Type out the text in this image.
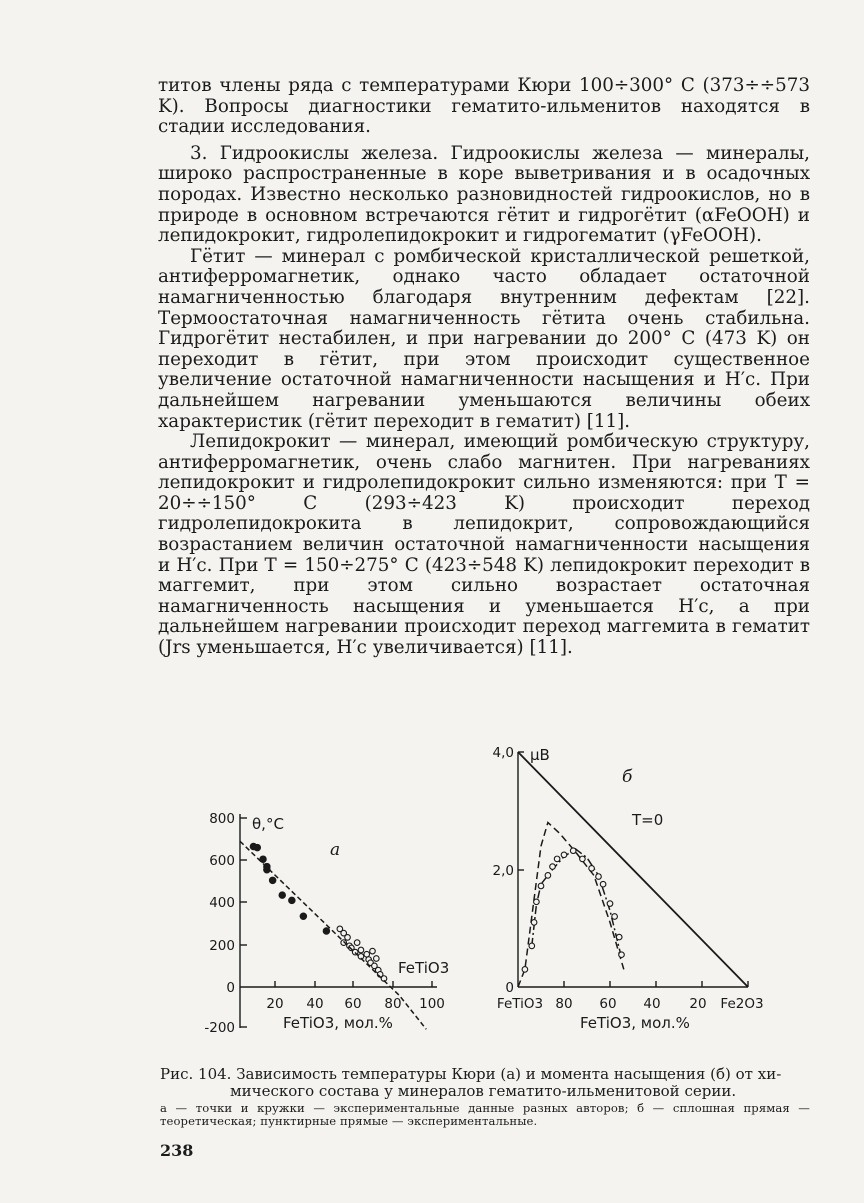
титов члены ряда с температурами Кюри 100÷300° C (373÷÷573 K). Вопросы диагностики гематито-ильменитов находятся в стадии исследования.

3. Гидроокислы железа. Гидроокислы железа — минералы, широко распространенные в коре выветривания и в осадочных породах. Известно несколько разновидностей гидроокислов, но в природе в основном встречаются гётит и гидрогётит (αFeOOH) и лепидокрокит, гидролепидокрокит и гидрогематит (γFeOOH).

Гётит — минерал с ромбической кристаллической решеткой, антиферромагнетик, однако часто обладает остаточной намагниченностью благодаря внутренним дефектам [22]. Термоостаточная намагниченность гётита очень стабильна. Гидрогётит нестабилен, и при нагревании до 200° C (473 K) он переходит в гётит, при этом происходит существенное увеличение остаточной намагниченности насыщения и H′c. При дальнейшем нагревании уменьшаются величины обеих характеристик (гётит переходит в гематит) [11].

Лепидокрокит — минерал, имеющий ромбическую структуру, антиферромагнетик, очень слабо магнитен. При нагреваниях лепидокрокит и гидролепидокрокит сильно изменяются: при T = 20÷÷150° C (293÷423 K) происходит переход гидролепидокрокита в лепидокрит, сопровождающийся возрастанием величин остаточной намагниченности насыщения и H′c. При T = 150÷275° C (423÷548 K) лепидокрокит переходит в маггемит, при этом сильно возрастает остаточная намагниченность насыщения и уменьшается H′c, а при дальнейшем нагревании происходит переход маггемита в гематит (Jrs уменьшается, H′c увеличивается) [11].

800
600
400
200
0
-200
20 40 60 80 100
θ,°C
FeTiO3, мол.%
FeTiO3
а
4,0
2,0
0
FeTiO3 80 60 40 20 Fe2O3
μB
FeTiO3, мол.%
T=0
б
Рис. 104. Зависимость температуры Кюри (а) и момента насыщения (б) от хи-
мического состава у минералов гематито-ильменитовой серии.
а — точки и кружки — экспериментальные данные разных авторов; б — сплошная прямая — теоретическая; пунктирные прямые — экспериментальные.
238
